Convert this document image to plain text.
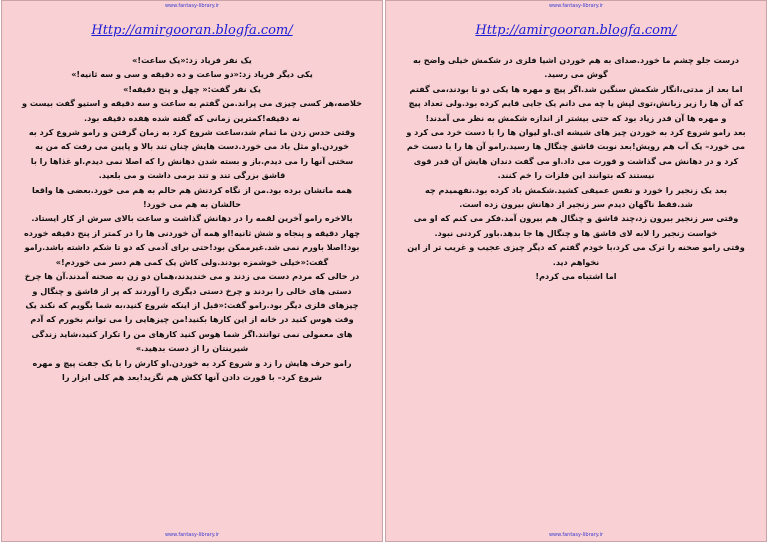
www.fantasy-library.ir
Http://amirgooran.blogfa.com/

یک نفر فریاد زد:«یک ساعت!»

یکی دیگر فریاد زد:«دو ساعت و ده دقیقه و سی و سه ثانیه!»

یک نفر گفت:« چهل و پنج دقیقه!»

خلاصه،هر کسی چیزی می پراند.من گفتم به ساعت و سه دقیقه و استیو گفت بیست و نه دقیقه!کمترین زمانی که گفته شده هفده دقیقه بود.

وقتی حدس زدن ما تمام شد،ساعت شروع کرد به زمان گرفتن و رامو شروع کرد به خوردن.او مثل باد می خورد.دست هایش چنان تند بالا و پایین می رفت که من به سختی آنها را می دیدم.باز و بسته شدن دهانش را که اصلا نمی دیدم.او غذاها را با قاشق بزرگی تند و تند برمی داشت و می بلعید.

همه ماتشان برده بود.من از نگاه کردنش هم حالم به هم می خورد.بعضی ها واقعا حالشان به هم می خورد!

بالاخره رامو آخرین لقمه را در دهانش گذاشت و ساعت بالای سرش از کار ایستاد.

چهار دقیقه و پنجاه و شش ثانیه!او همه آن خوردنی ها را در کمتر از پنج دقیقه خورده بود!اصلا باورم نمی شد.غیرممکن بود!حتی برای آدمی که دو تا شکم داشته باشد.رامو گفت:«خیلی خوشمزه بودند.ولی کاش یک کمی هم دسر می خوردم!»

در حالی که مردم دست می زدند و می خندیدند،همان دو زن به صحنه آمدند.آن ها چرخ دستی های خالی را بردند و چرخ دستی دیگری را آوردند که پر از قاشق و چنگال و چیزهای فلزی دیگر بود.رامو گفت:«قبل از اینکه شروع کنید،به شما بگویم که نکند یک وقت هوس کنید در خانه از این کارها بکنید!من چیزهایی را می توانم بخورم که آدم های معمولی نمی توانند.اگر شما هوس کنید کارهای من را تکرار کنید،شاید زندگی شیرینتان را از دست بدهید.»

رامو حرف هایش را زد و شروع کرد به خوردن.او کارش را با یک جفت پیچ و مهره شروع کرد– با قورت دادن آنها ککش هم نگزید!بعد هم کلی ابزار را

www.fantasy-library.ir
www.fantasy-library.ir
Http://amirgooran.blogfa.com/

درست جلو چشم ما خورد.صدای به هم خوردن اشیا فلزی در شکمش خیلی واضح به گوش می رسید.

اما بعد از مدتی،انگار شکمش سنگین شد.اگر پیچ و مهره ها یکی دو تا بودند،می گفتم که آن ها را زیر زبانش،توی لپش یا چه می دانم یک جایی قایم کرده بود.ولی تعداد پیچ و مهره ها آن قدر زیاد بود که حتی بیشتر از اندازه شکمش به نظر می آمدند!

بعد رامو شروع کرد به خوردن چیز های شیشه ای.او لیوان ها را با دست خرد می کرد و می خورد– یک آب هم رویش!بعد نوبت قاشق چنگال ها رسید.رامو آن ها را با دست خم کرد و در دهانش می گذاشت و قورت می داد.او می گفت دندان هایش آن قدر قوی نیستند که بتوانند این فلزات را خم کنند.

بعد یک زنجیر را خورد و نفس عمیقی کشید.شکمش باد کرده بود.نفهمیدم چه شد.فقط ناگهان دیدم سر زنجیر از دهانش بیرون زده است.

وقتی سر زنجیر بیرون زد،چند قاشق و چنگال هم بیرون آمد.فکر می کنم که او می خواست زنجیر را لابه لای قاشق ها و چنگال ها جا بدهد.باور کردنی نبود.

وقتی رامو صحنه را ترک می کرد،با خودم گفتم که دیگر چیزی عجیب و غریب تر از این نخواهم دید.

اما اشتباه می کردم!

www.fantasy-library.ir
